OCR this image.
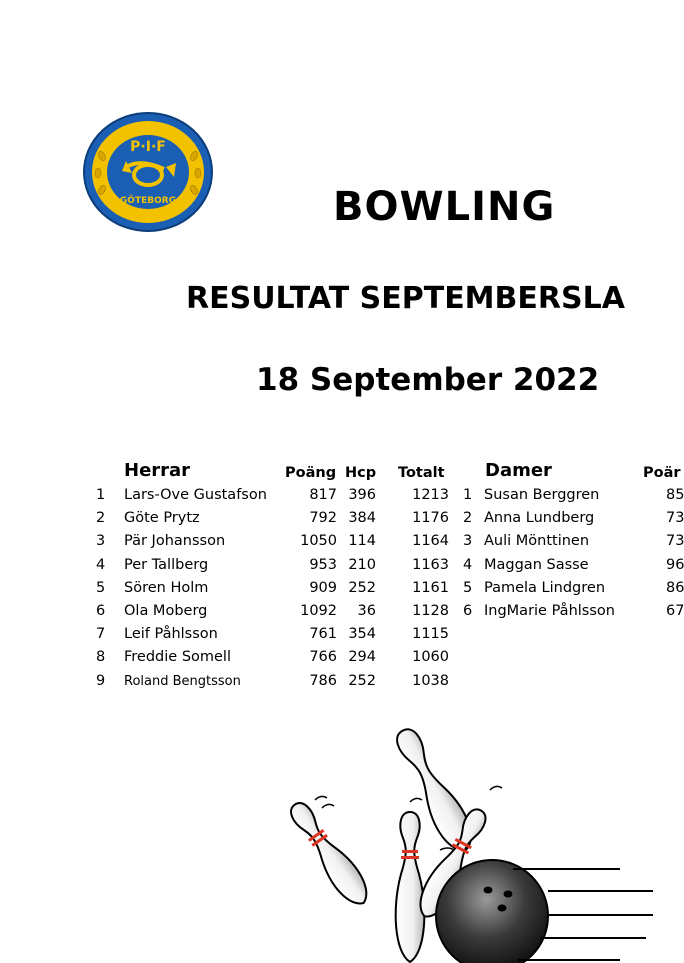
P·I·F
GÖTEBORG	BOWLING
RESULTAT SEPTEMBERSLA
18 September 2022
Herrar	Poäng Hcp Totalt
1 Lars-Ove Gustafson	817 396	1213
2 Göte Prytz	792 384	1176
3 Pär Johansson	1050 114	1164
4 Per Tallberg	953 210	1163
5 Sören Holm	909 252	1161
6 Ola Moberg	1092	36	1128
7 Leif Påhlsson	761 354	1115
8 Freddie Somell	766 294	1060
9 Roland Bengtsson	786 252	1038
Damer	Poär
1 Susan Berggren	85
2 Anna Lundberg	73
3 Auli Mönttinen	73
4 Maggan Sasse	96
5 Pamela Lindgren	86
6 IngMarie Påhlsson	67
